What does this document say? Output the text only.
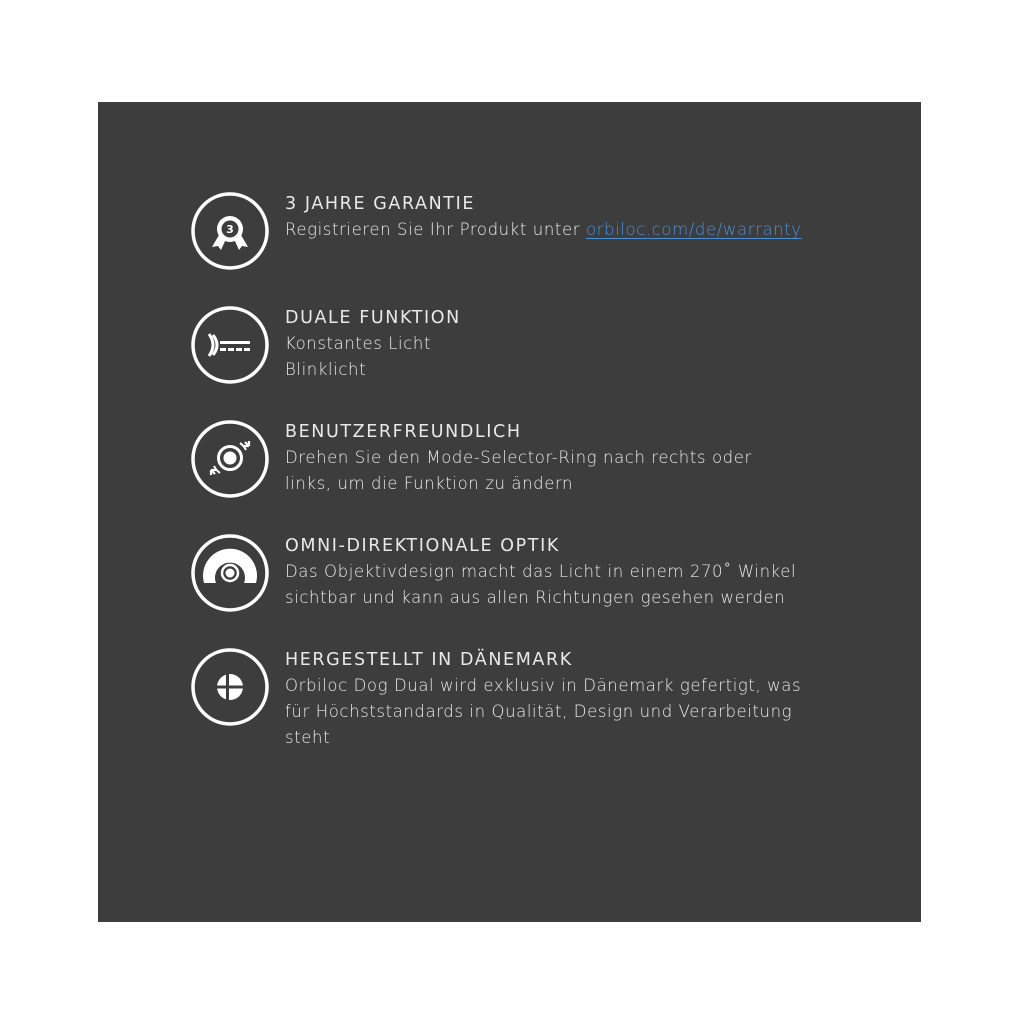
3
3 JAHRE GARANTIE
Registrieren Sie Ihr Produkt unter orbiloc.com/de/warranty
DUALE FUNKTION
Konstantes Licht
Blinklicht
BENUTZERFREUNDLICH
Drehen Sie den Mode-Selector-Ring nach rechts oder
links, um die Funktion zu ändern
OMNI-DIREKTIONALE OPTIK
Das Objektivdesign macht das Licht in einem 270˚ Winkel
sichtbar und kann aus allen Richtungen gesehen werden
HERGESTELLT IN DÄNEMARK
Orbiloc Dog Dual wird exklusiv in Dänemark gefertigt, was
für Höchststandards in Qualität, Design und Verarbeitung
steht
